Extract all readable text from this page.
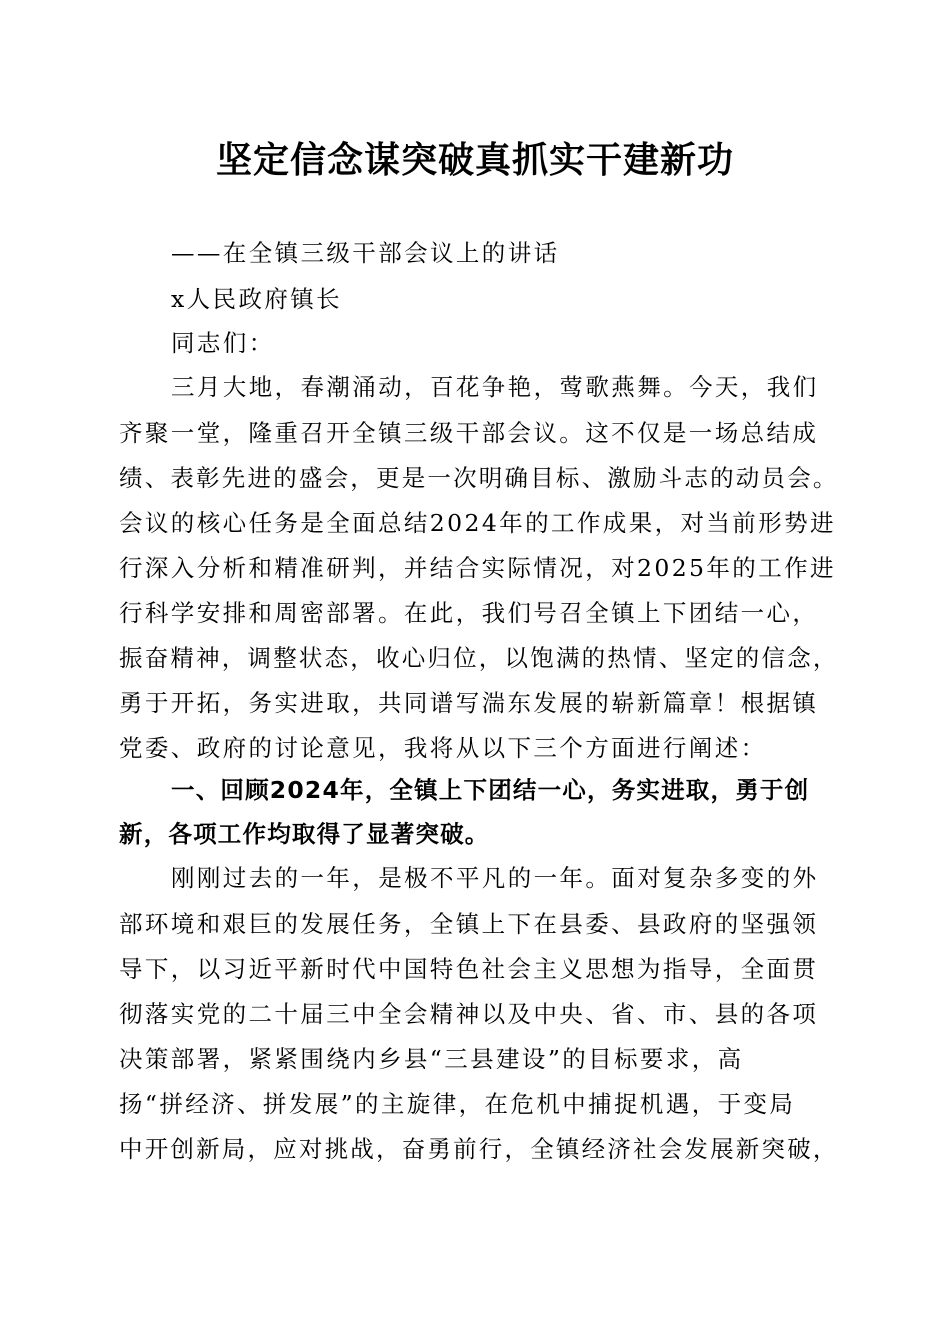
坚定信念谋突破真抓实干建新功
——在全镇三级干部会议上的讲话
x人民政府镇长
同志们：
三月大地，春潮涌动，百花争艳，莺歌燕舞。今天，我们
齐聚一堂，隆重召开全镇三级干部会议。这不仅是一场总结成
绩、表彰先进的盛会，更是一次明确目标、激励斗志的动员会。
会议的核心任务是全面总结2024年的工作成果，对当前形势进
行深入分析和精准研判，并结合实际情况，对2025年的工作进
行科学安排和周密部署。在此，我们号召全镇上下团结一心，
振奋精神，调整状态，收心归位，以饱满的热情、坚定的信念，
勇于开拓，务实进取，共同谱写湍东发展的崭新篇章！根据镇
党委、政府的讨论意见，我将从以下三个方面进行阐述：
一、回顾2024年，全镇上下团结一心，务实进取，勇于创
新，各项工作均取得了显著突破。
刚刚过去的一年，是极不平凡的一年。面对复杂多变的外
部环境和艰巨的发展任务，全镇上下在县委、县政府的坚强领
导下，以习近平新时代中国特色社会主义思想为指导，全面贯
彻落实党的二十届三中全会精神以及中央、省、市、县的各项
决策部署，紧紧围绕内乡县“三县建设”的目标要求，高
扬“拼经济、拼发展”的主旋律，在危机中捕捉机遇，于变局
中开创新局，应对挑战，奋勇前行，全镇经济社会发展新突破，
